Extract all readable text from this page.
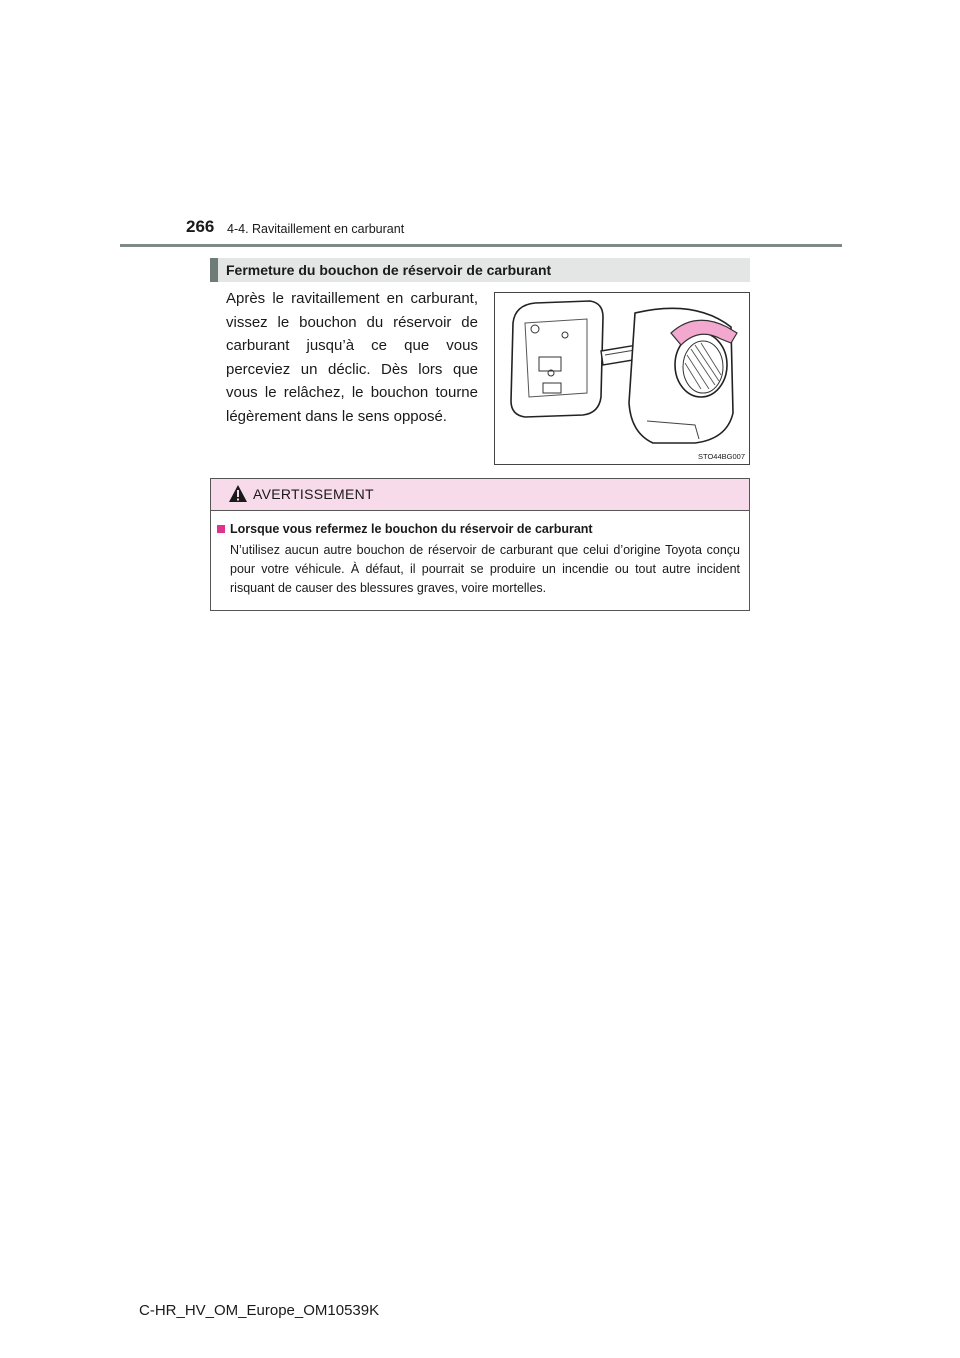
266 4-4. Ravitaillement en carburant
Fermeture du bouchon de réservoir de carburant
Après le ravitaillement en carburant, vissez le bouchon du réservoir de carburant jusqu’à ce que vous perceviez un déclic. Dès lors que vous le relâchez, le bouchon tourne légèrement dans le sens opposé.
STO44BG007
AVERTISSEMENT
Lorsque vous refermez le bouchon du réservoir de carburant
N’utilisez aucun autre bouchon de réservoir de carburant que celui d’origine Toyota conçu pour votre véhicule. À défaut, il pourrait se produire un incendie ou tout autre incident risquant de causer des blessures graves, voire mortelles.
C-HR_HV_OM_Europe_OM10539K
